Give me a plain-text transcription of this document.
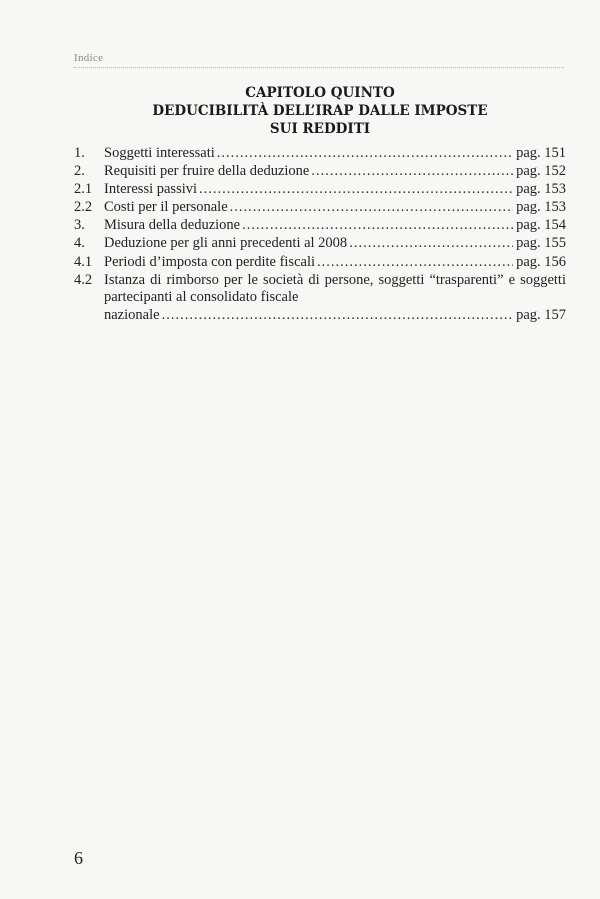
Indice
CAPITOLO QUINTO
DEDUCIBILITÀ DELL’IRAP DALLE IMPOSTE
SUI REDDITI
1.	Soggetti interessati .....	pag. 151
2.	Requisiti per fruire della deduzione .....	pag. 152
2.1 Interessi passivi .....	pag. 153
2.2 Costi per il personale .....	pag. 153
3.	Misura della deduzione .....	pag. 154
4.	Deduzione per gli anni precedenti al 2008 .....	pag. 155
4.1 Periodi d’imposta con perdite fiscali .....	pag. 156
4.2 Istanza di rimborso per le società di persone, soggetti “trasparenti” e soggetti partecipanti al consolidato fiscale
nazionale .....	pag. 157
6
